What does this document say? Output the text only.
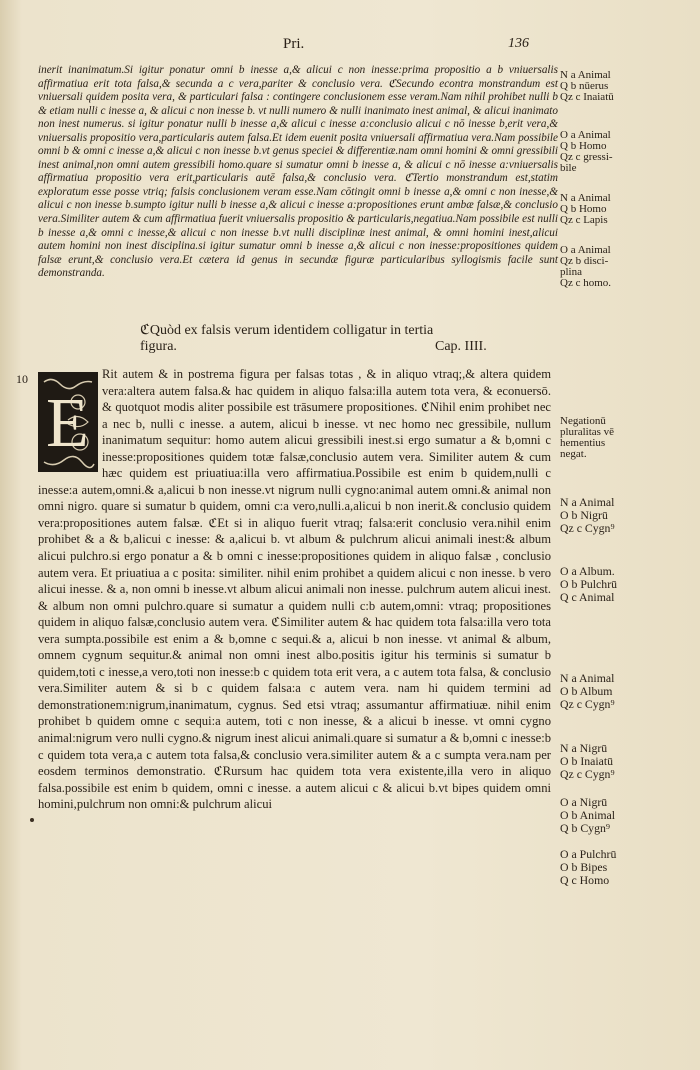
Pri.	136

inerit inanimatum.Si igitur ponatur omni b inesse a,& alicui c non inesse:prima propositio a b vniuersalis affirmatiua erit tota falsa,& secunda a c vera,pariter & conclusio vera. ℭSecundo econtra monstrandum est vniuersali quidem posita vera, & particulari falsa : contingere conclusionem esse veram.Nam nihil prohibet nulli b & etiam nulli c inesse a, & alicui c non inesse b. vt nulli numero & nulli inanimato inest animal, & alicui inanimato non inest numerus. si igitur ponatur nulli b inesse a,& alicui c inesse a:conclusio alicui c nō inesse b,erit vera,& vniuersalis propositio vera,particularis autem falsa.Et idem euenit posita vniuersali affirmatiua vera.Nam possibile omni b & omni c inesse a,& alicui c non inesse b.vt genus speciei & differentiæ.nam omni homini & omni gressibili inest animal,non omni autem gressibili homo.quare si sumatur omni b inesse a, & alicui c nō inesse a:vniuersalis affirmatiua propositio vera erit,particularis autē falsa,& conclusio vera. ℭTertio monstrandum est,statim exploratum esse posse vtriq; falsis conclusionem veram esse.Nam cōtingit omni b inesse a,& omni c non inesse,& alicui c non inesse b.sumpto igitur nulli b inesse a,& alicui c inesse a:propositiones erunt ambæ falsæ,& conclusio vera.Similiter autem & cum affirmatiua fuerit vniuersalis propositio & particularis,negatiua.Nam possibile est nulli b inesse a,& omni c inesse,& alicui c non inesse b.vt nulli disciplinæ inest animal, & omni homini inest,alicui autem homini non inest disciplina.si igitur sumatur omni b inesse a,& alicui c non inesse:propositiones quidem falsæ erunt,& conclusio vera.Et cætera id genus in secundæ figuræ particularibus syllogismis facile sunt demonstranda.

N a Animal
Q b nūerus
Qz c Inaiatū
O a Animal
Q b Homo
Qz c gressi-
bile
N a Animal
Q b Homo
Qz c Lapis
O a Animal
Qz b disci-
plina
Qz c homo.
ℭQuòd ex falsis verum identidem colligatur in tertia
figura.	Cap. IIII.
10
E
Rit autem & in postrema figura per falsas totas , & in aliquo vtraq;,& altera quidem vera:altera autem falsa.& hac quidem in aliquo falsa:illa autem tota vera, & econuersō. & quotquot modis aliter possibile est trāsumere propositiones. ℭNihil enim prohibet nec a nec b, nulli c inesse. a autem, alicui b inesse. vt nec homo nec gressibile, nullum inanimatum sequitur: homo autem alicui gressibili inest.si ergo sumatur a & b,omni c inesse:propositiones quidem totæ falsæ,conclusio autem vera. Similiter autem & cum hæc quidem est priuatiua:illa vero affirmatiua.Possibile est enim b quidem,nulli c inesse:a autem,omni.& a,alicui b non inesse.vt nigrum nulli cygno:animal autem omni.& animal non omni nigro. quare si sumatur b quidem, omni c:a vero,nulli.a,alicui b non inerit.& conclusio quidem vera:propositiones autem falsæ. ℭEt si in aliquo fuerit vtraq; falsa:erit conclusio vera.nihil enim prohibet & a & b,alicui c inesse: & a,alicui b. vt album & pulchrum alicui animali inest:& album alicui pulchro.si ergo ponatur a & b omni c inesse:propositiones quidem in aliquo falsæ , conclusio autem vera. Et priuatiua a c posita: similiter. nihil enim prohibet a quidem alicui c non inesse. b vero alicui inesse. & a, non omni b inesse.vt album alicui animali non inesse. pulchrum autem alicui inest. & album non omni pulchro.quare si sumatur a quidem nulli c:b autem,omni: vtraq; propositiones quidem in aliquo falsæ,conclusio autem vera. ℭSimiliter autem & hac quidem tota falsa:illa vero tota vera sumpta.possibile est enim a & b,omne c sequi.& a, alicui b non inesse. vt animal & album, omnem cygnum sequitur.& animal non omni inest albo.positis igitur his terminis si sumatur b quidem,toti c inesse,a vero,toti non inesse:b c quidem tota erit vera, a c autem tota falsa, & conclusio vera.Similiter autem & si b c quidem falsa:a c autem vera. nam hi quidem termini ad demonstrationem:nigrum,inanimatum, cygnus. Sed etsi vtraq; assumantur affirmatiuæ. nihil enim prohibet b quidem omne c sequi:a autem, toti c non inesse, & a alicui b inesse. vt omni cygno animal:nigrum vero nulli cygno.& nigrum inest alicui animali.quare si sumatur a & b,omni c inesse:b c quidem tota vera,a c autem tota falsa,& conclusio vera.similiter autem & a c sumpta vera.nam per eosdem terminos demonstratio. ℭRursum hac quidem tota vera existente,illa vero in aliquo falsa.possibile est enim b quidem, omni c inesse. a autem alicui c & alicui b.vt bipes quidem omni homini,pulchrum non omni:& pulchrum alicui
Negationū
pluralitas vē
hementius
negat.
N a Animal
O b Nigrū
Qz c Cygn⁹
O a Album.
O b Pulchrū
Q c Animal
N a Animal
O b Album
Qz c Cygn⁹
N a Nigrū
O b Inaiatū
Qz c Cygn⁹
O a Nigrū
O b Animal
Q b Cygn⁹
O a Pulchrū
O b Bipes
Q c Homo
